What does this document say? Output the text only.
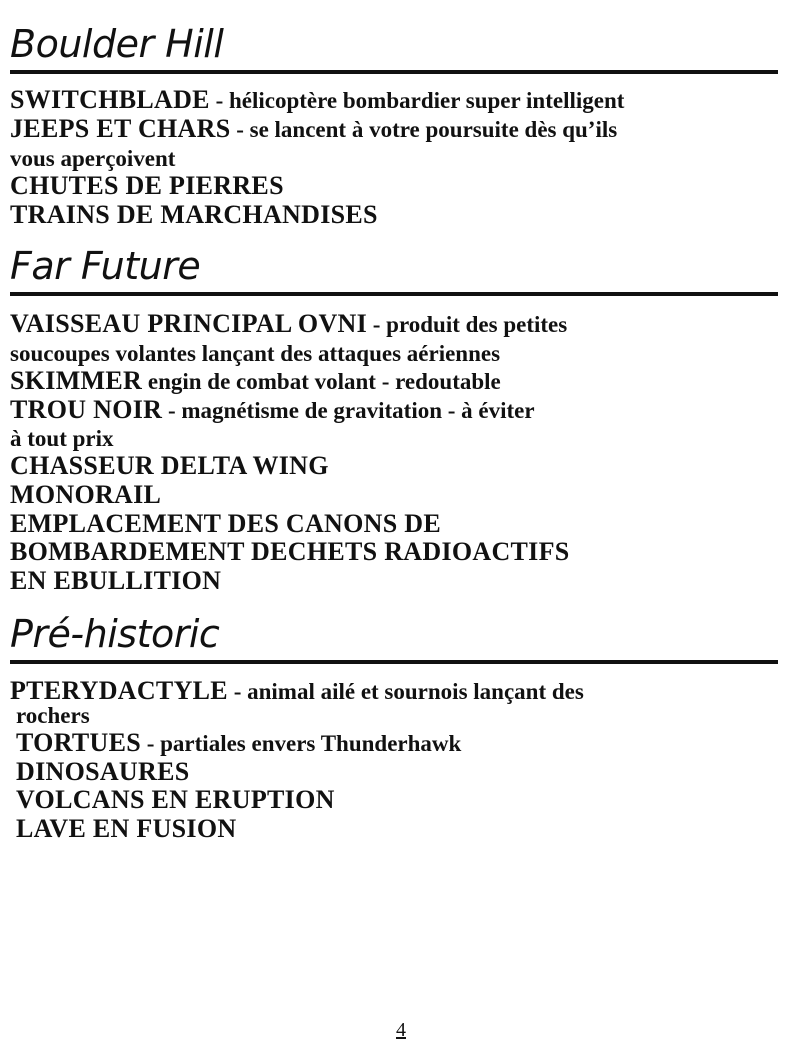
Boulder Hill

SWITCHBLADE - hélicoptère bombardier super intelligent

JEEPS ET CHARS - se lancent à votre poursuite dès qu’ils

vous aperçoivent

CHUTES DE PIERRES

TRAINS DE MARCHANDISES

Far Future

VAISSEAU PRINCIPAL OVNI - produit des petites

soucoupes volantes lançant des attaques aériennes

SKIMMER engin de combat volant - redoutable

TROU NOIR - magnétisme de gravitation - à éviter

à tout prix

CHASSEUR DELTA WING

MONORAIL

EMPLACEMENT DES CANONS DE

BOMBARDEMENT DECHETS RADIOACTIFS

EN EBULLITION

Pré-historic

PTERYDACTYLE - animal ailé et sournois lançant des

rochers

TORTUES - partiales envers Thunderhawk

DINOSAURES

VOLCANS EN ERUPTION

LAVE EN FUSION

4
